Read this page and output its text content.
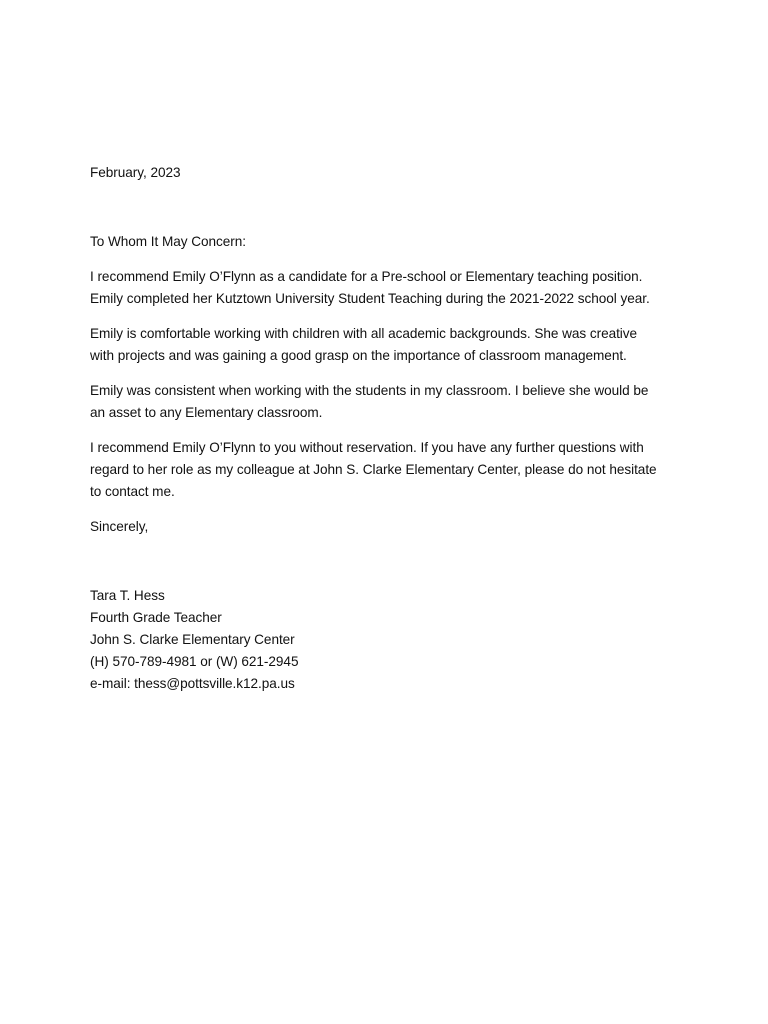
February, 2023

To Whom It May Concern:

I recommend Emily O’Flynn as a candidate for a Pre-school or Elementary teaching position.
Emily completed her Kutztown University Student Teaching during the 2021-2022 school year.

Emily is comfortable working with children with all academic backgrounds. She was creative
with projects and was gaining a good grasp on the importance of classroom management.

Emily was consistent when working with the students in my classroom. I believe she would be
an asset to any Elementary classroom.

I recommend Emily O’Flynn to you without reservation. If you have any further questions with
regard to her role as my colleague at John S. Clarke Elementary Center, please do not hesitate
to contact me.

Sincerely,

Tara T. Hess
Fourth Grade Teacher
John S. Clarke Elementary Center
(H) 570-789-4981 or (W) 621-2945
e-mail: thess@pottsville.k12.pa.us
